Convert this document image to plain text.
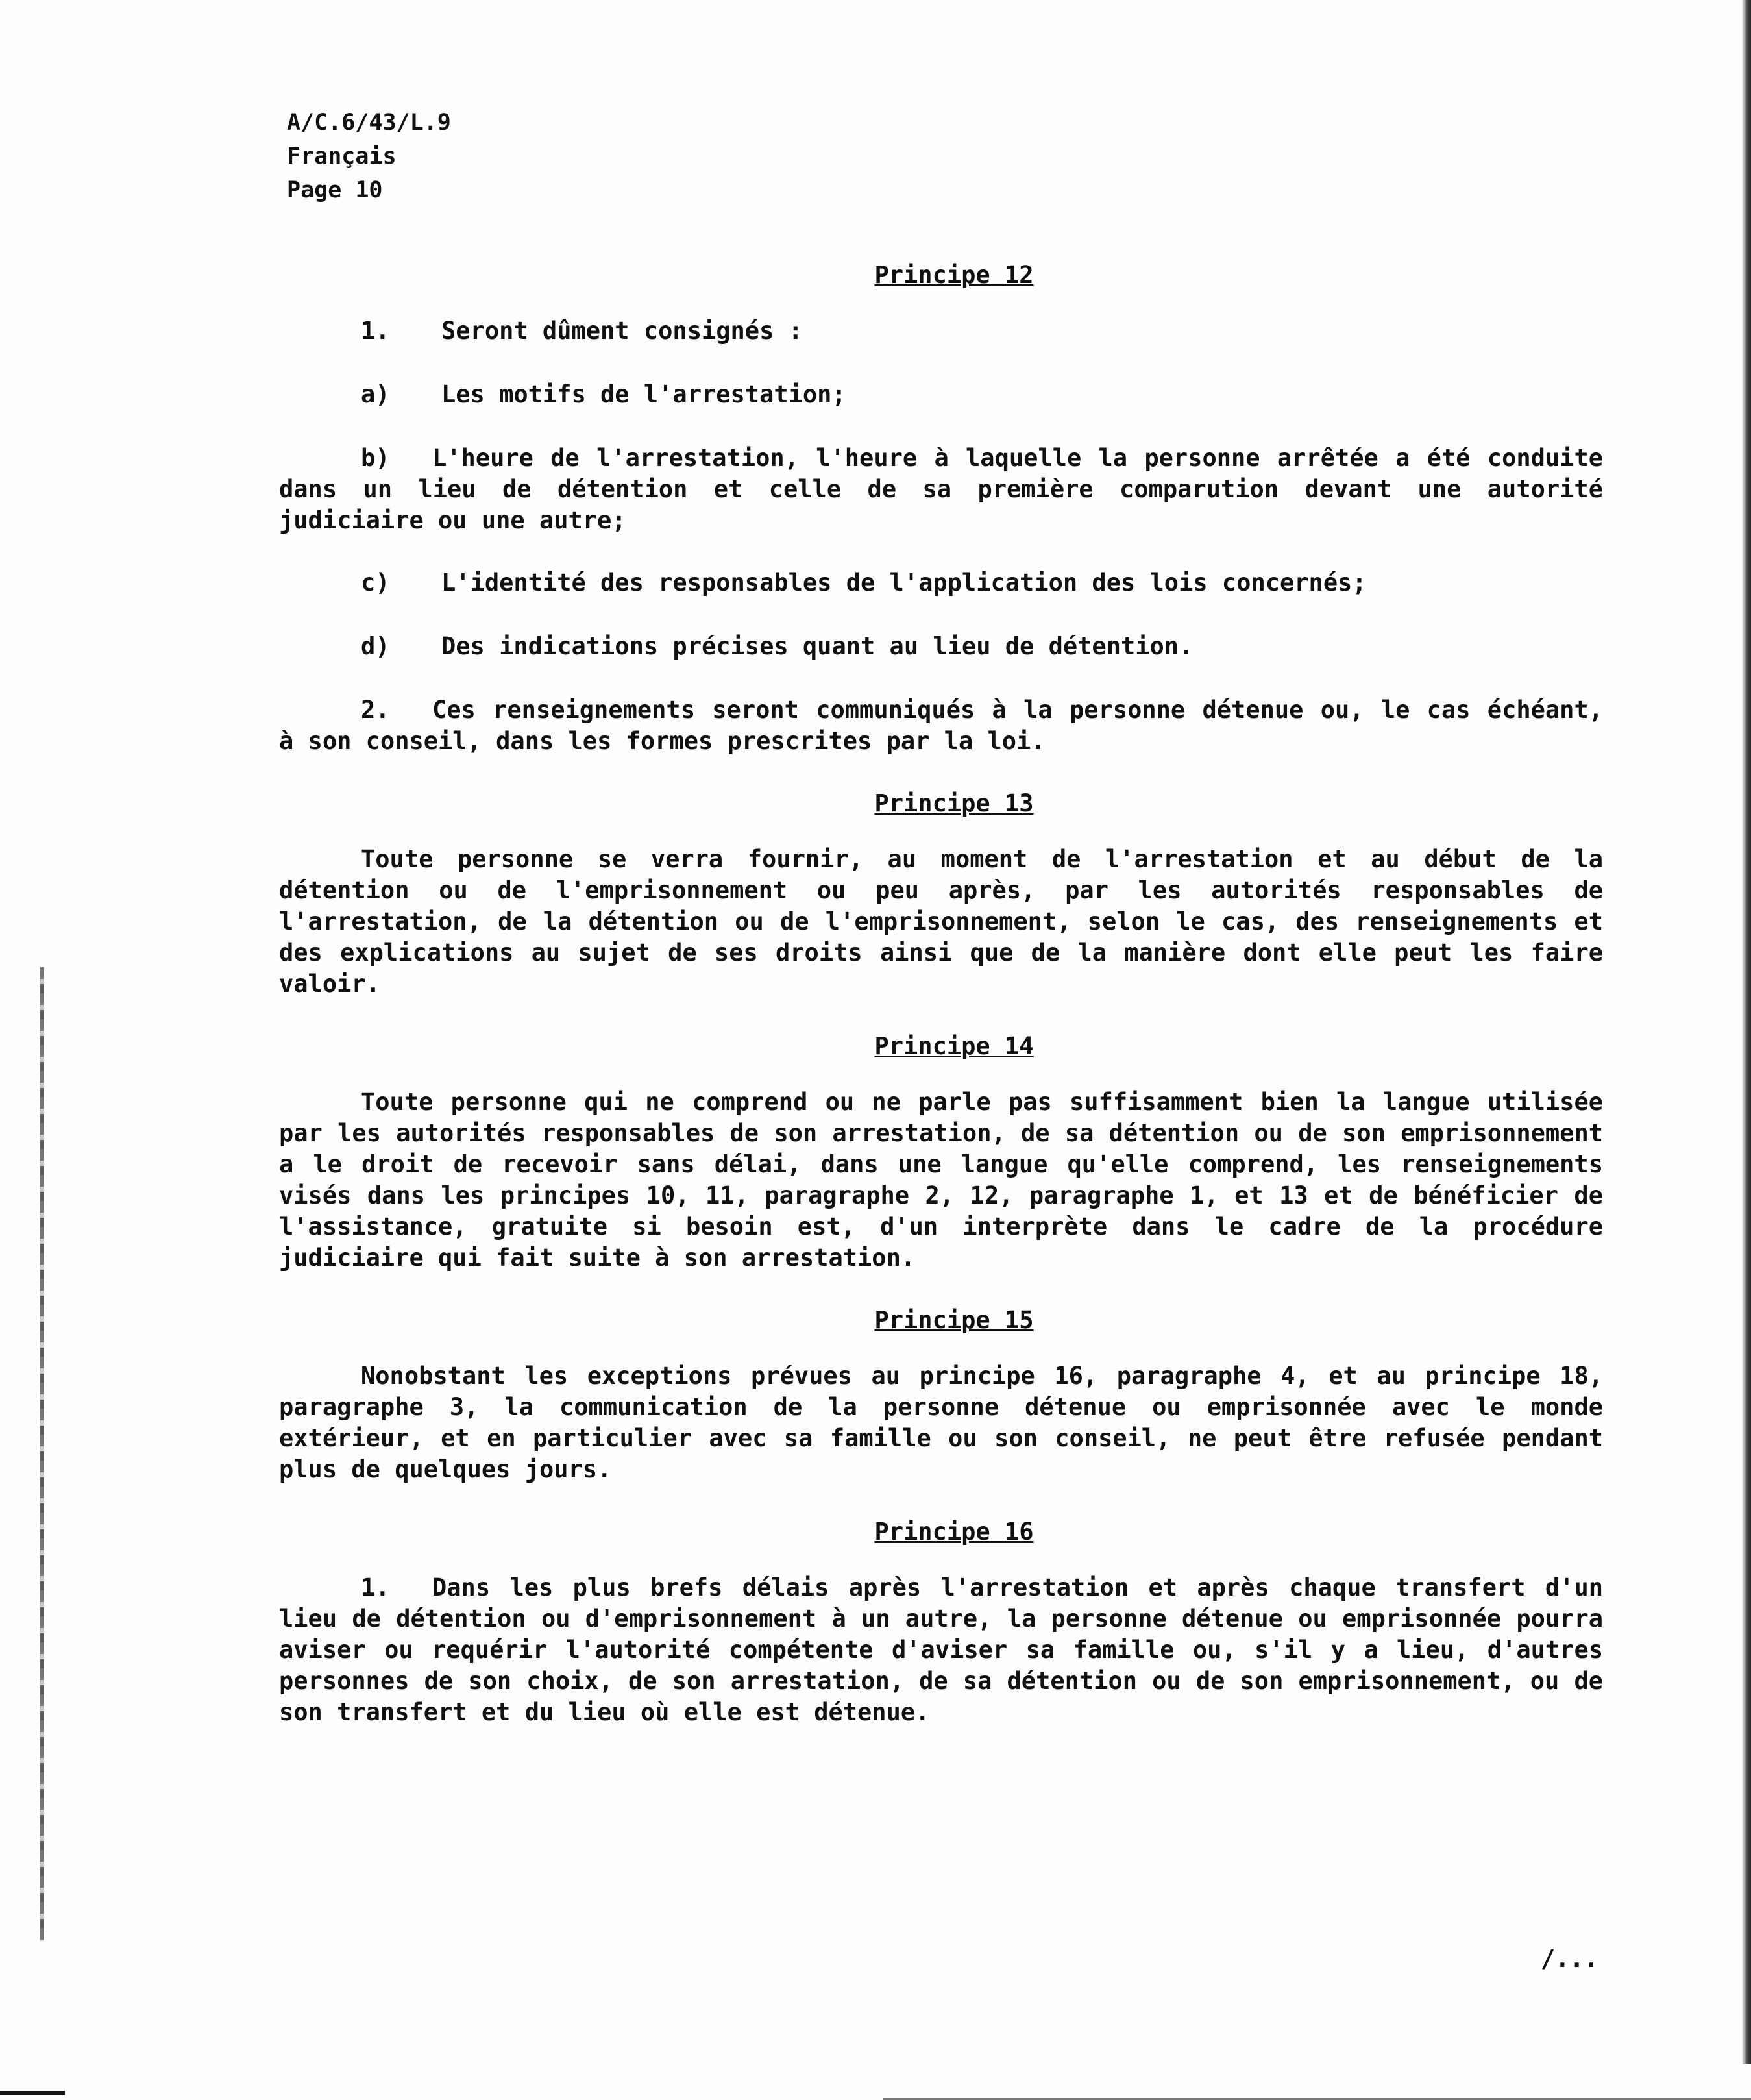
A/C.6/43/L.9
Français
Page 10
Principe 12
1. Seront dûment consignés :
a) Les motifs de l'arrestation;
b) L'heure de l'arrestation, l'heure à laquelle la personne arrêtée a été conduite dans un lieu de détention et celle de sa première comparution devant une autorité judiciaire ou une autre;
c) L'identité des responsables de l'application des lois concernés;
d) Des indications précises quant au lieu de détention.
2. Ces renseignements seront communiqués à la personne détenue ou, le cas échéant, à son conseil, dans les formes prescrites par la loi.
Principe 13
Toute personne se verra fournir, au moment de l'arrestation et au début de la détention ou de l'emprisonnement ou peu après, par les autorités responsables de l'arrestation, de la détention ou de l'emprisonnement, selon le cas, des renseignements et des explications au sujet de ses droits ainsi que de la manière dont elle peut les faire valoir.
Principe 14
Toute personne qui ne comprend ou ne parle pas suffisamment bien la langue utilisée par les autorités responsables de son arrestation, de sa détention ou de son emprisonnement a le droit de recevoir sans délai, dans une langue qu'elle comprend, les renseignements visés dans les principes 10, 11, paragraphe 2, 12, paragraphe 1, et 13 et de bénéficier de l'assistance, gratuite si besoin est, d'un interprète dans le cadre de la procédure judiciaire qui fait suite à son arrestation.
Principe 15
Nonobstant les exceptions prévues au principe 16, paragraphe 4, et au principe 18, paragraphe 3, la communication de la personne détenue ou emprisonnée avec le monde extérieur, et en particulier avec sa famille ou son conseil, ne peut être refusée pendant plus de quelques jours.
Principe 16
1. Dans les plus brefs délais après l'arrestation et après chaque transfert d'un lieu de détention ou d'emprisonnement à un autre, la personne détenue ou emprisonnée pourra aviser ou requérir l'autorité compétente d'aviser sa famille ou, s'il y a lieu, d'autres personnes de son choix, de son arrestation, de sa détention ou de son emprisonnement, ou de son transfert et du lieu où elle est détenue.
/...
